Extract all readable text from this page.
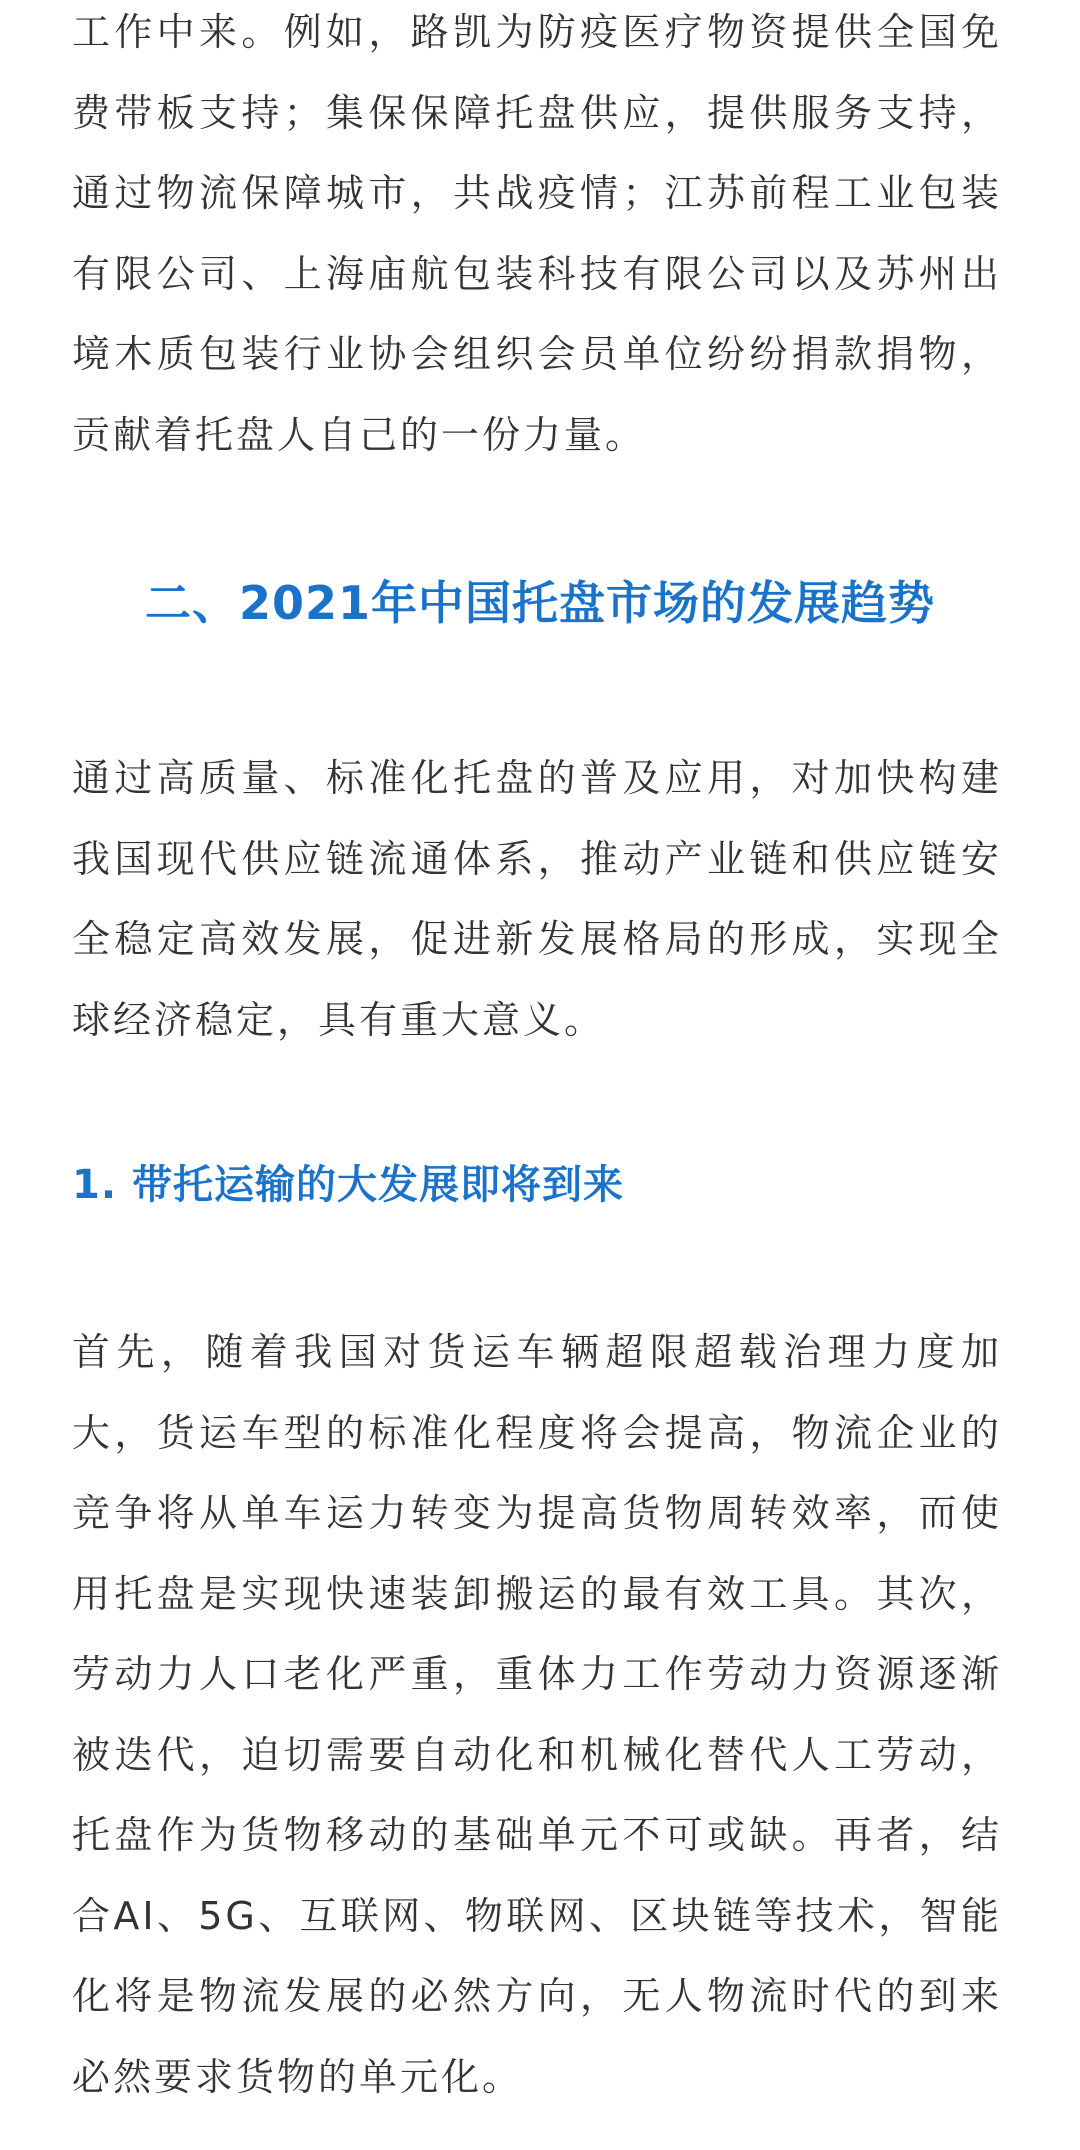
工作中来。例如，路凯为防疫医疗物资提供全国免费带板支持；集保保障托盘供应，提供服务支持，通过物流保障城市，共战疫情；江苏前程工业包装有限公司、上海庙航包装科技有限公司以及苏州出境木质包装行业协会组织会员单位纷纷捐款捐物，贡献着托盘人自己的一份力量。

二、2021年中国托盘市场的发展趋势

通过高质量、标准化托盘的普及应用，对加快构建我国现代供应链流通体系，推动产业链和供应链安全稳定高效发展，促进新发展格局的形成，实现全球经济稳定，具有重大意义。

1. 带托运输的大发展即将到来

首先，随着我国对货运车辆超限超载治理力度加大，货运车型的标准化程度将会提高，物流企业的竞争将从单车运力转变为提高货物周转效率，而使用托盘是实现快速装卸搬运的最有效工具。其次，劳动力人口老化严重，重体力工作劳动力资源逐渐被迭代，迫切需要自动化和机械化替代人工劳动，托盘作为货物移动的基础单元不可或缺。再者，结合AI、5G、互联网、物联网、区块链等技术，智能化将是物流发展的必然方向，无人物流时代的到来必然要求货物的单元化。
